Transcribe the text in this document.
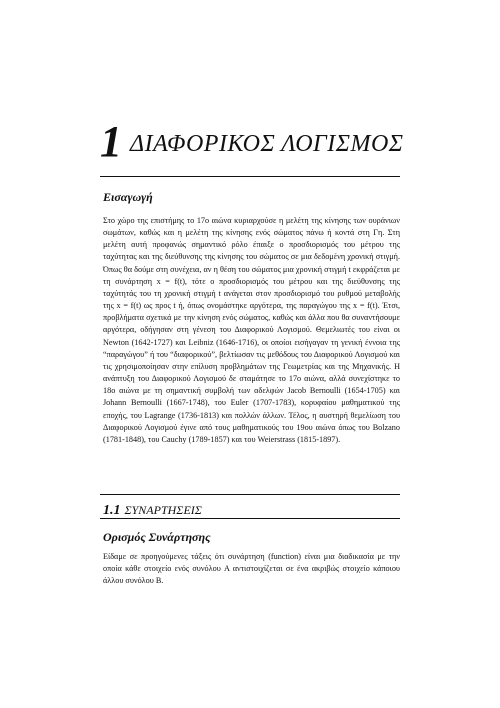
1 ΔΙΑΦΟΡΙΚΟΣ ΛΟΓΙΣΜΟΣ
Εισαγωγή

Στο χώρο της επιστήμης το 17ο αιώνα κυριαρχούσε η μελέτη της κίνησης των ουράνιων σωμάτων, καθώς και η μελέτη της κίνησης ενός σώματος πάνω ή κοντά στη Γη. Στη μελέτη αυτή προφανώς σημαντικό ρόλο έπαιξε ο προσδιορισμός του μέτρου της ταχύτητας και της διεύθυνσης της κίνησης του σώματος σε μια δεδομένη χρονική στιγμή. Όπως θα δούμε στη συνέχεια, αν η θέση του σώματος μια χρονική στιγμή t εκφράζεται με τη συνάρτηση x = f(t), τότε ο προσδιορισμός του μέτρου και της διεύθυνσης της ταχύτητάς του τη χρονική στιγμή t ανάγεται στον προσδιορισμό του ρυθμού μεταβολής της x = f(t) ως προς t ή, όπως ονομάστηκε αργότερα, της παραγώγου της x = f(t). Έτσι, προβλήματα σχετικά με την κίνηση ενός σώματος, καθώς και άλλα που θα συναντήσουμε αργότερα, οδήγησαν στη γένεση του Διαφορικού Λογισμού. Θεμελιωτές του είναι οι Newton (1642-1727) και Leibniz (1646-1716), οι οποίοι εισήγαγαν τη γενική έννοια της “παραγώγου” ή του “διαφορικού”, βελτίωσαν τις μεθόδους του Διαφορικού Λογισμού και τις χρησιμοποίησαν στην επίλυση προβλημάτων της Γεωμετρίας και της Μηχανικής. Η ανάπτυξη του Διαφορικού Λογισμού δε σταμάτησε το 17ο αιώνα, αλλά συνεχίστηκε το 18ο αιώνα με τη σημαντική συμβολή των αδελφών Jacob Bernoulli (1654-1705) και Johann Bernoulli (1667-1748), του Euler (1707-1783), κορυφαίου μαθηματικού της εποχής, του Lagrange (1736-1813) και πολλών άλλων. Τέλος, η αυστηρή θεμελίωση του Διαφορικού Λογισμού έγινε από τους μαθηματικούς του 19ου αιώνα όπως του Bolzano (1781-1848), του Cauchy (1789-1857) και του Weierstrass (1815-1897).

1.1 ΣΥΝΑΡΤΗΣΕΙΣ
Ορισμός Συνάρτησης

Είδαμε σε προηγούμενες τάξεις ότι συνάρτηση (function) είναι μια διαδικασία με την οποία κάθε στοιχείο ενός συνόλου A αντιστοιχίζεται σε ένα ακριβώς στοιχείο κάποιου άλλου συνόλου B.
